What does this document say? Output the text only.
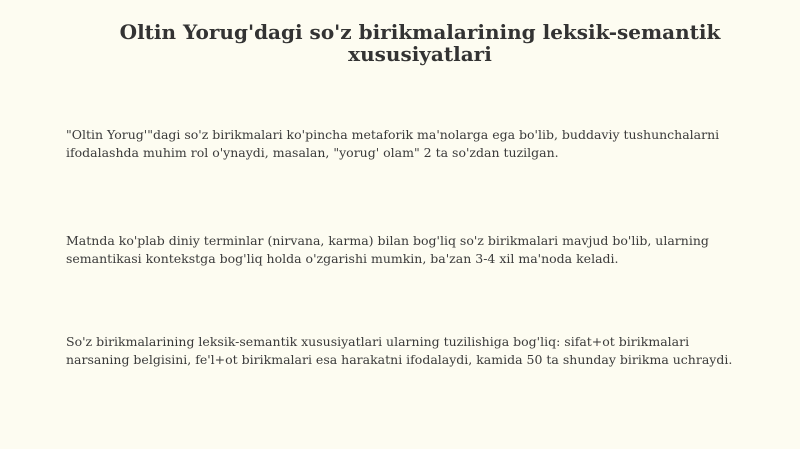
Oltin Yorug'dagi so'z birikmalarining leksik-semantik xususiyatlari

"Oltin Yorug'"dagi so'z birikmalari ko'pincha metaforik ma'nolarga ega bo'lib, buddaviy tushunchalarni ifodalashda muhim rol o'ynaydi, masalan, "yorug' olam" 2 ta so'zdan tuzilgan.

Matnda ko'plab diniy terminlar (nirvana, karma) bilan bog'liq so'z birikmalari mavjud bo'lib, ularning semantikasi kontekstga bog'liq holda o'zgarishi mumkin, ba'zan 3-4 xil ma'noda keladi.

So'z birikmalarining leksik-semantik xususiyatlari ularning tuzilishiga bog'liq: sifat+ot birikmalari narsaning belgisini, fe'l+ot birikmalari esa harakatni ifodalaydi, kamida 50 ta shunday birikma uchraydi.
